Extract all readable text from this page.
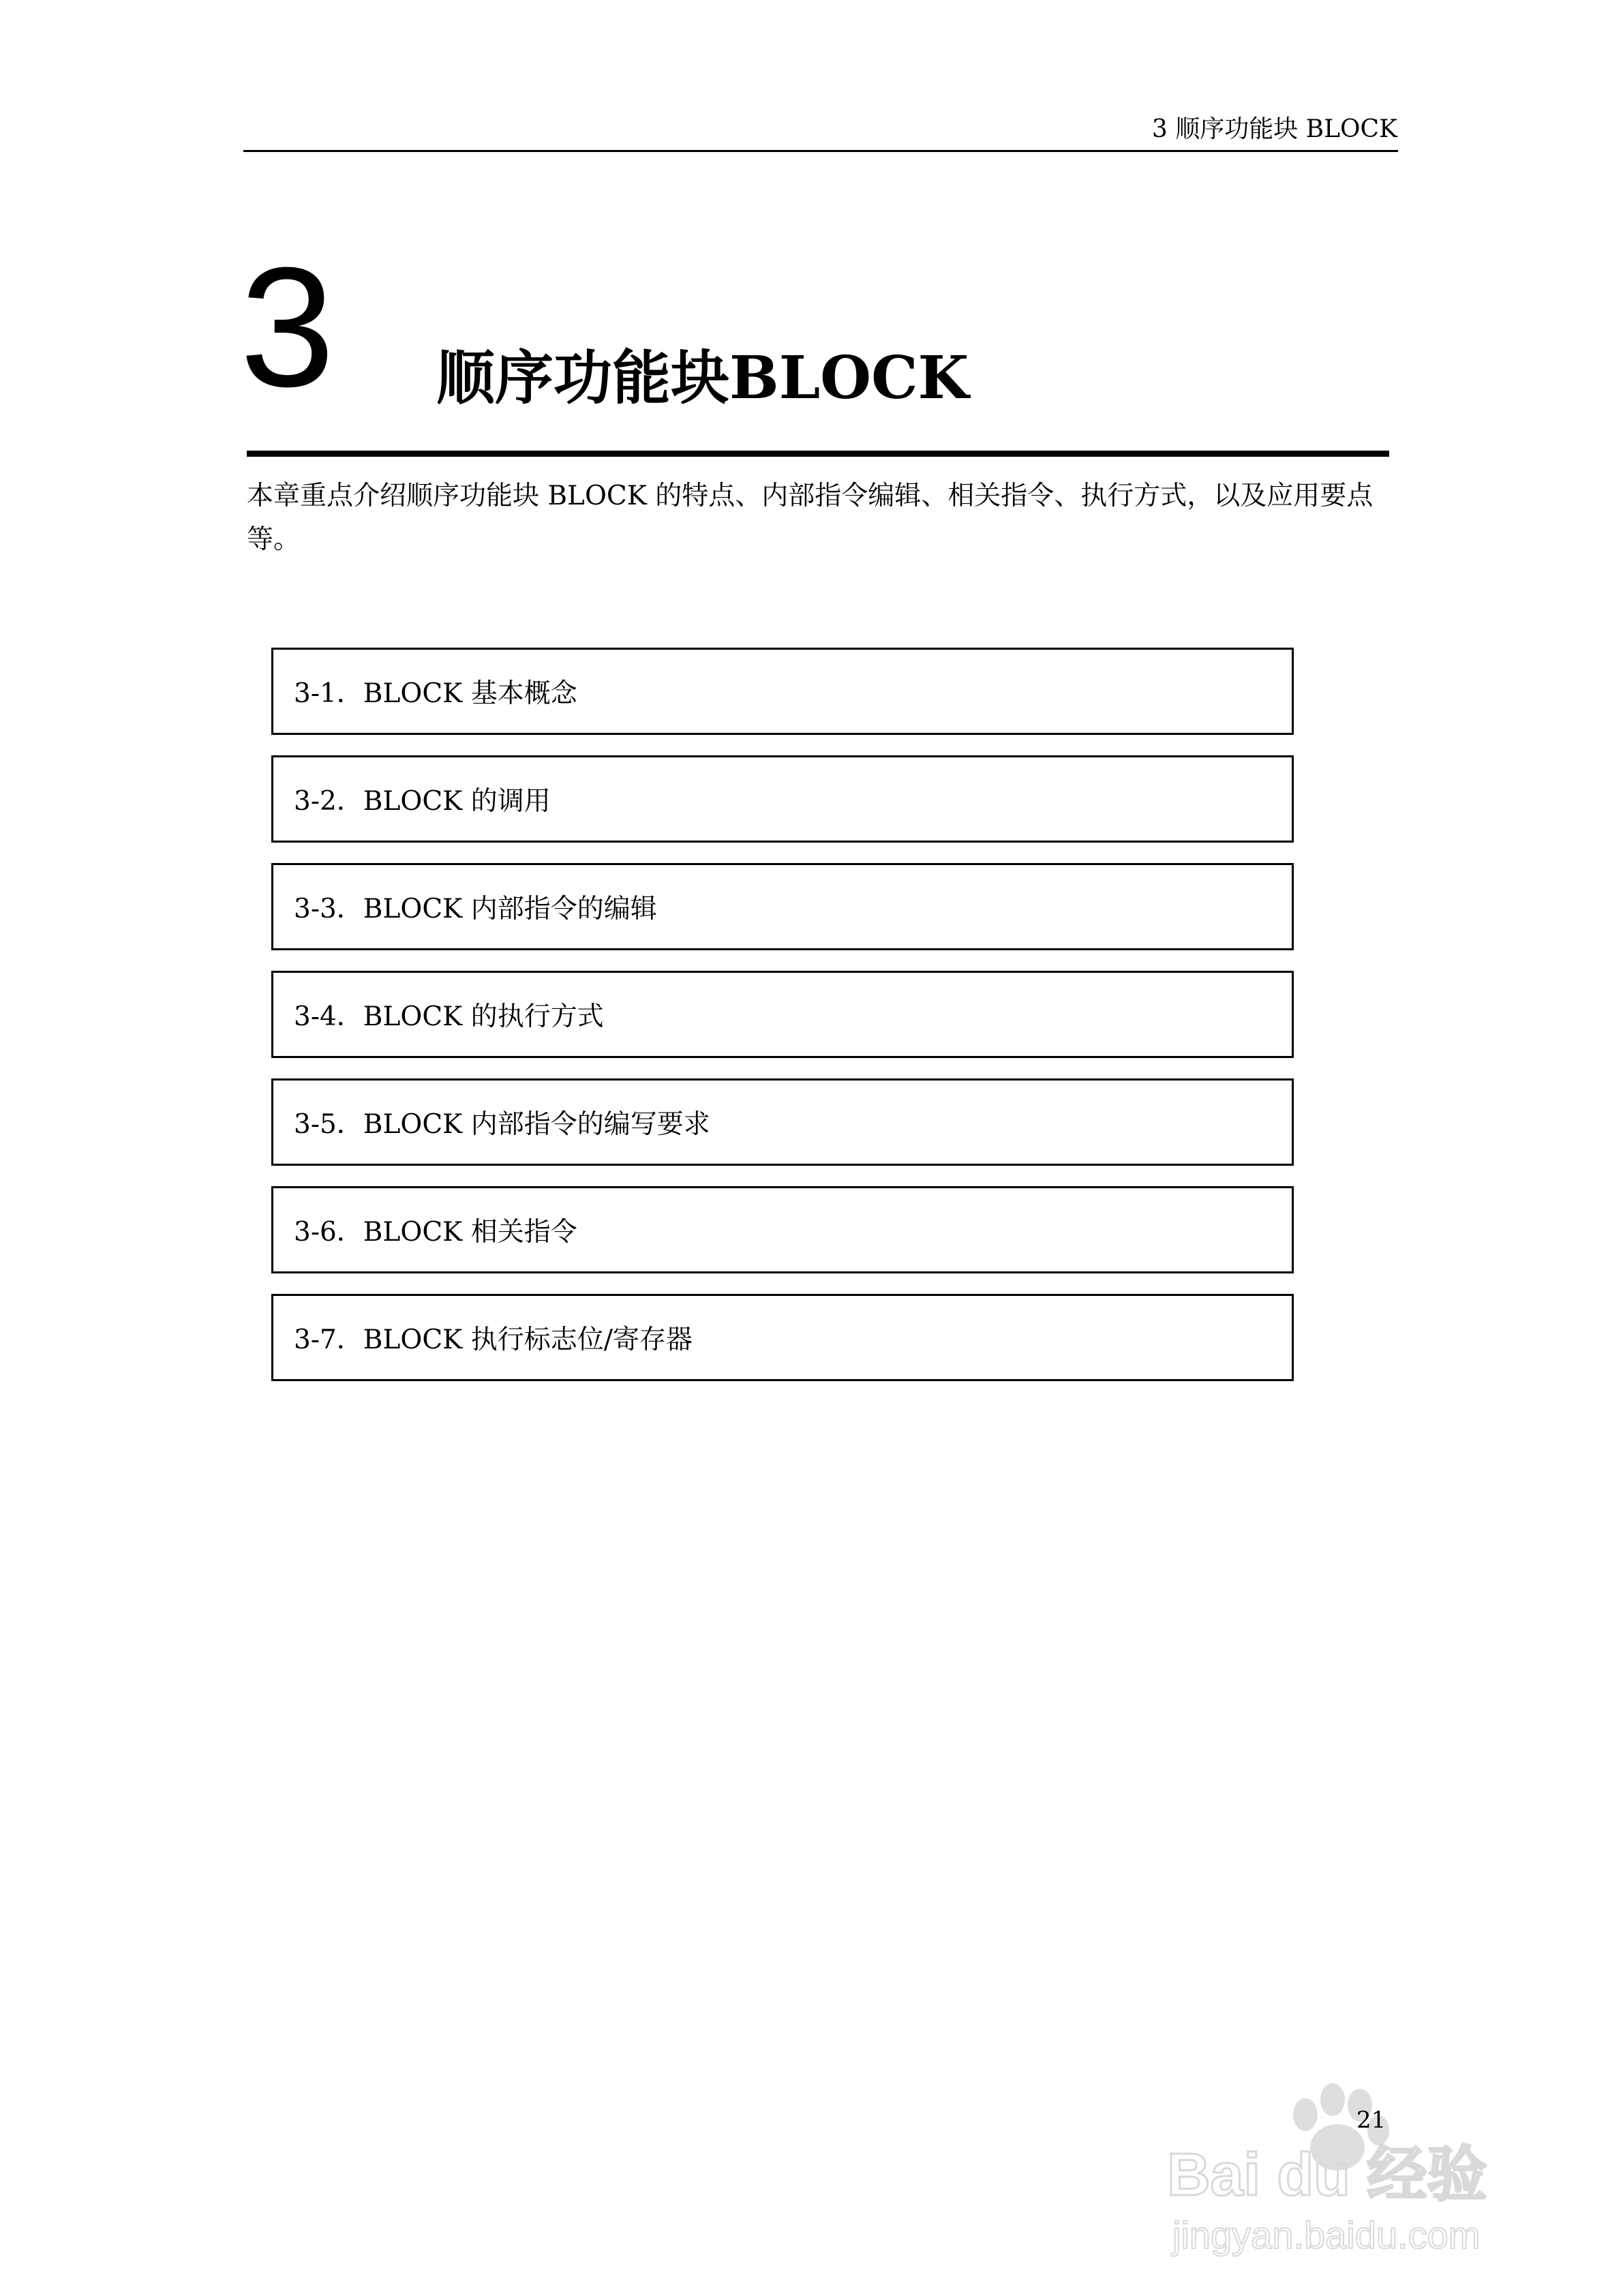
3 顺序功能块 BLOCK
3 顺序功能块BLOCK
本章重点介绍顺序功能块 BLOCK 的特点、内部指令编辑、相关指令、执行方式，以及应用要点等。
3-1．BLOCK 基本概念
3-2．BLOCK 的调用
3-3．BLOCK 内部指令的编辑
3-4．BLOCK 的执行方式
3-5．BLOCK 内部指令的编写要求
3-6．BLOCK 相关指令
3-7．BLOCK 执行标志位/寄存器
Bai du 经验
jingyan.baidu.com
21
